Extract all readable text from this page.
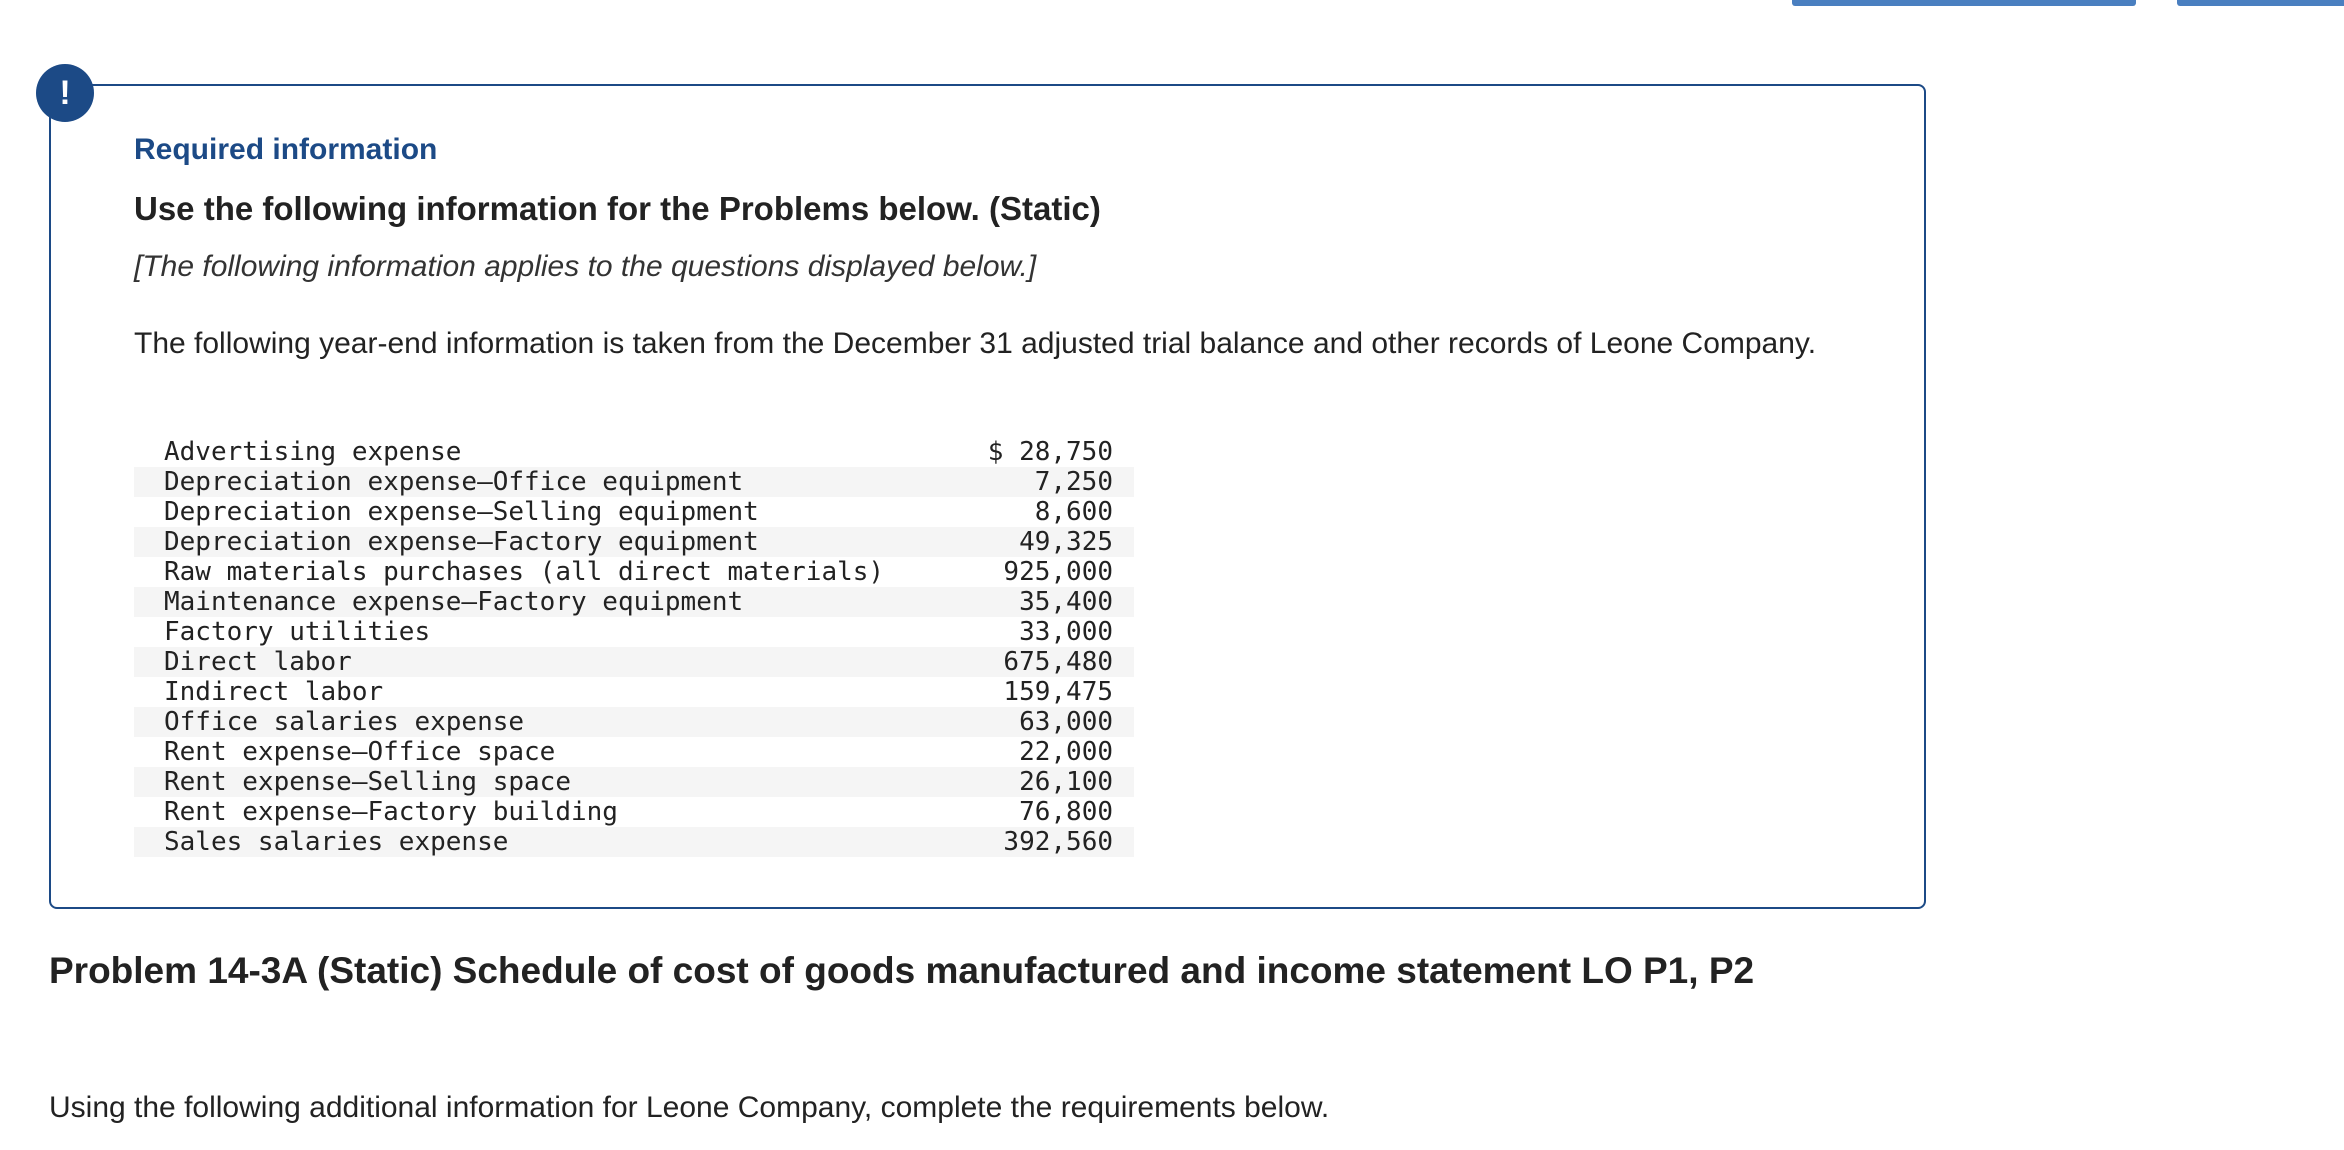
!
Required information
Use the following information for the Problems below. (Static)

[The following information applies to the questions displayed below.]

The following year-end information is taken from the December 31 adjusted trial balance and other records of Leone Company.

Advertising expense	$ 28,750
Depreciation expense—Office equipment	7,250
Depreciation expense—Selling equipment	8,600
Depreciation expense—Factory equipment	49,325
Raw materials purchases (all direct materials)	925,000
Maintenance expense—Factory equipment	35,400
Factory utilities	33,000
Direct labor	675,480
Indirect labor	159,475
Office salaries expense	63,000
Rent expense—Office space	22,000
Rent expense—Selling space	26,100
Rent expense—Factory building	76,800
Sales salaries expense	392,560
Problem 14-3A (Static) Schedule of cost of goods manufactured and income statement LO P1, P2

Using the following additional information for Leone Company, complete the requirements below.
